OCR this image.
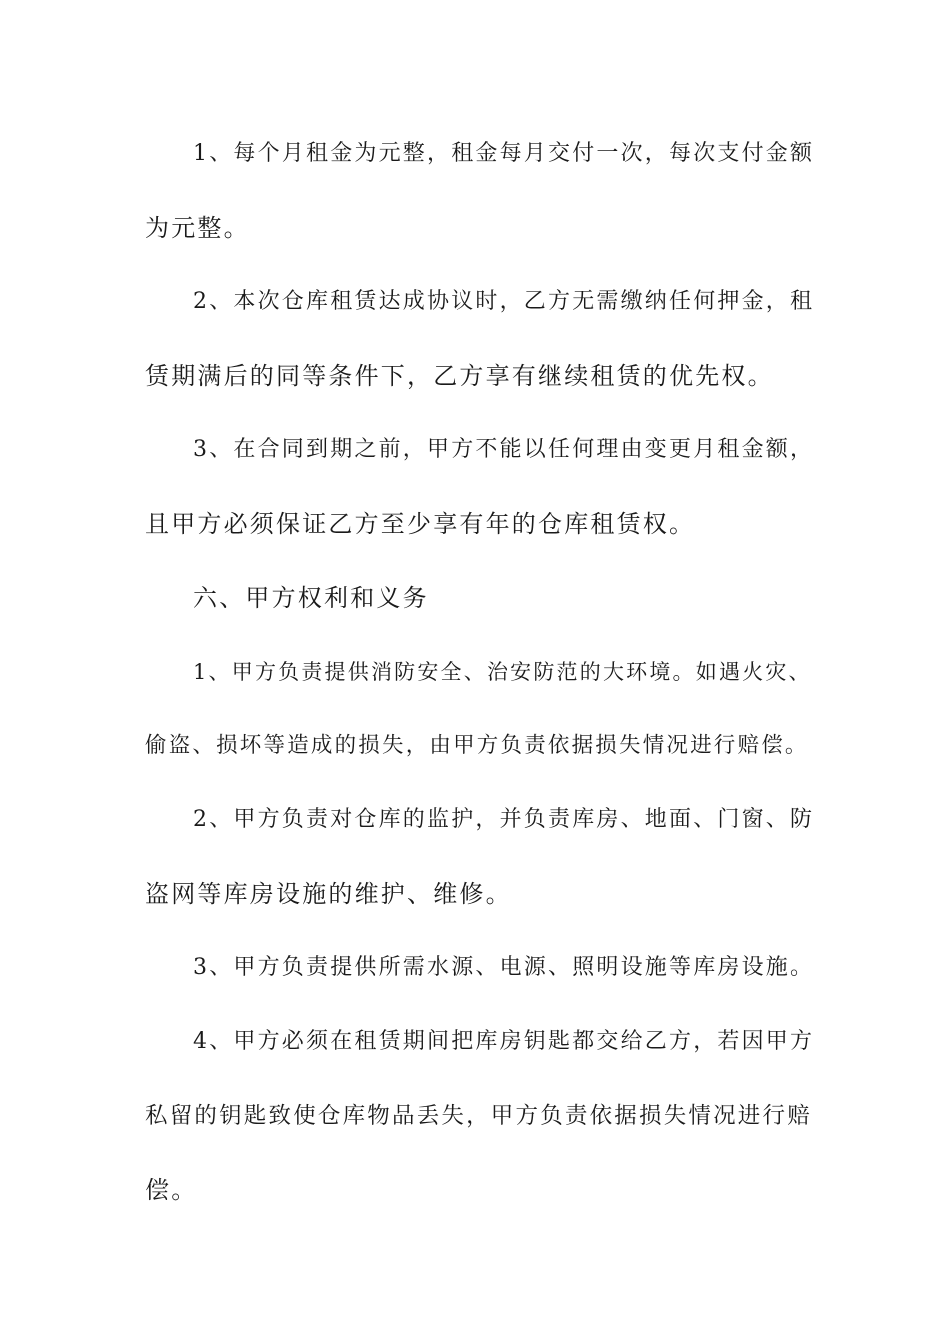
1、每个月租金为元整，租金每月交付一次，每次支付金额
为元整。
2、本次仓库租赁达成协议时，乙方无需缴纳任何押金，租
赁期满后的同等条件下，乙方享有继续租赁的优先权。
3、在合同到期之前，甲方不能以任何理由变更月租金额，
且甲方必须保证乙方至少享有年的仓库租赁权。
六、甲方权利和义务
1、甲方负责提供消防安全、治安防范的大环境。如遇火灾、
偷盗、损坏等造成的损失，由甲方负责依据损失情况进行赔偿。
2、甲方负责对仓库的监护，并负责库房、地面、门窗、防
盗网等库房设施的维护、维修。
3、甲方负责提供所需水源、电源、照明设施等库房设施。
4、甲方必须在租赁期间把库房钥匙都交给乙方，若因甲方
私留的钥匙致使仓库物品丢失，甲方负责依据损失情况进行赔
偿。
